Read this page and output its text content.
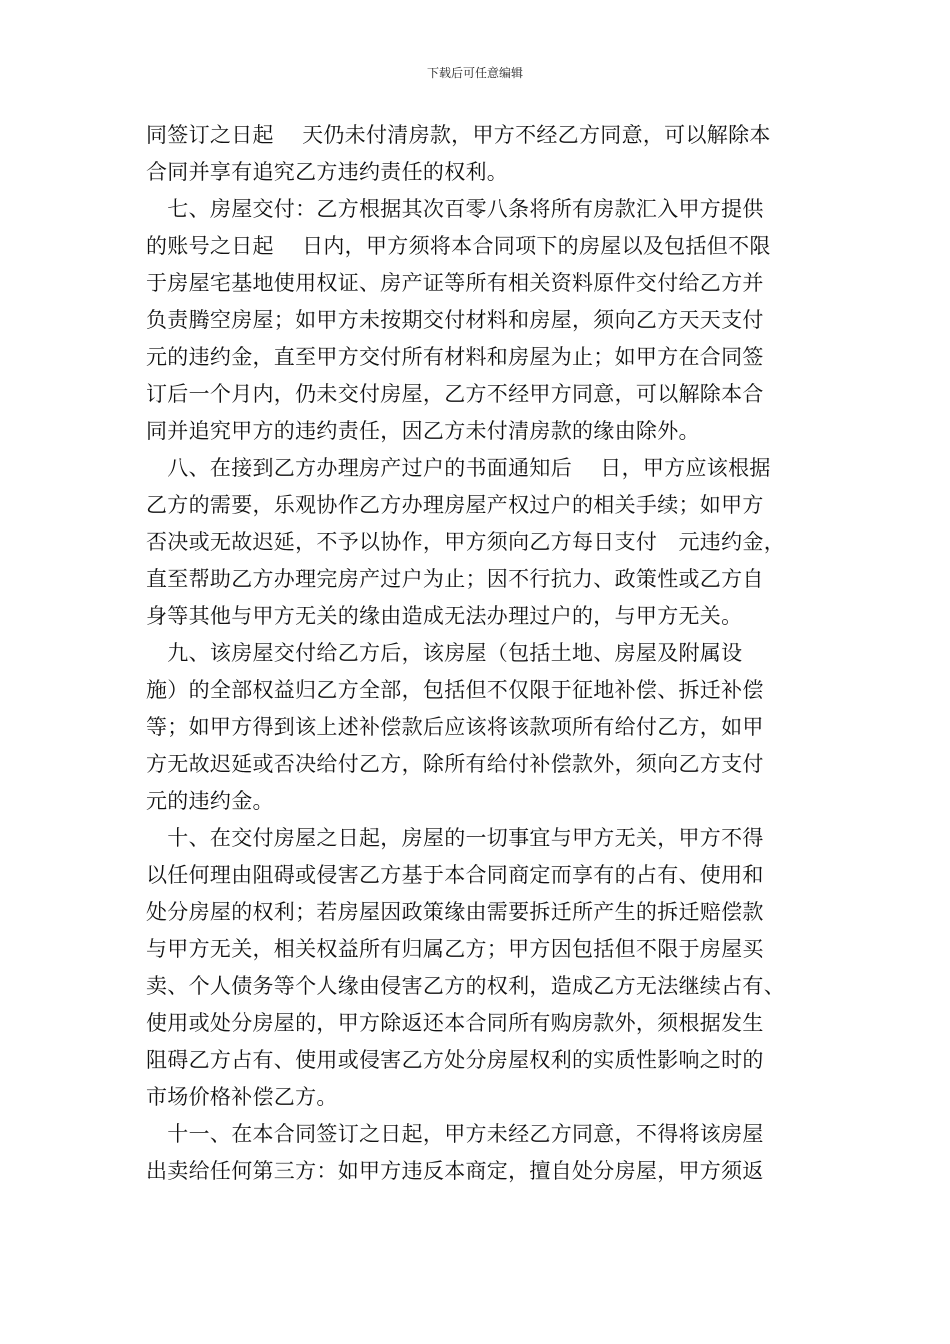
下载后可任意编辑
同签订之日起　 天仍未付清房款，甲方不经乙方同意，可以解除本
合同并享有追究乙方违约责任的权利。
　七、房屋交付：乙方根据其次百零八条将所有房款汇入甲方提供
的账号之日起　 日内，甲方须将本合同项下的房屋以及包括但不限
于房屋宅基地使用权证、房产证等所有相关资料原件交付给乙方并
负责腾空房屋；如甲方未按期交付材料和房屋，须向乙方天天支付
元的违约金，直至甲方交付所有材料和房屋为止；如甲方在合同签
订后一个月内，仍未交付房屋，乙方不经甲方同意，可以解除本合
同并追究甲方的违约责任，因乙方未付清房款的缘由除外。
　八、在接到乙方办理房产过户的书面通知后　 日，甲方应该根据
乙方的需要，乐观协作乙方办理房屋产权过户的相关手续；如甲方
否决或无故迟延，不予以协作，甲方须向乙方每日支付　元违约金，
直至帮助乙方办理完房产过户为止；因不行抗力、政策性或乙方自
身等其他与甲方无关的缘由造成无法办理过户的，与甲方无关。
　九、该房屋交付给乙方后，该房屋（包括土地、房屋及附属设
施）的全部权益归乙方全部，包括但不仅限于征地补偿、拆迁补偿
等；如甲方得到该上述补偿款后应该将该款项所有给付乙方，如甲
方无故迟延或否决给付乙方，除所有给付补偿款外，须向乙方支付
元的违约金。
　十、在交付房屋之日起，房屋的一切事宜与甲方无关，甲方不得
以任何理由阻碍或侵害乙方基于本合同商定而享有的占有、使用和
处分房屋的权利；若房屋因政策缘由需要拆迁所产生的拆迁赔偿款
与甲方无关，相关权益所有归属乙方；甲方因包括但不限于房屋买
卖、个人债务等个人缘由侵害乙方的权利，造成乙方无法继续占有、
使用或处分房屋的，甲方除返还本合同所有购房款外，须根据发生
阻碍乙方占有、使用或侵害乙方处分房屋权利的实质性影响之时的
市场价格补偿乙方。
　十一、在本合同签订之日起，甲方未经乙方同意，不得将该房屋
出卖给任何第三方：如甲方违反本商定，擅自处分房屋，甲方须返
